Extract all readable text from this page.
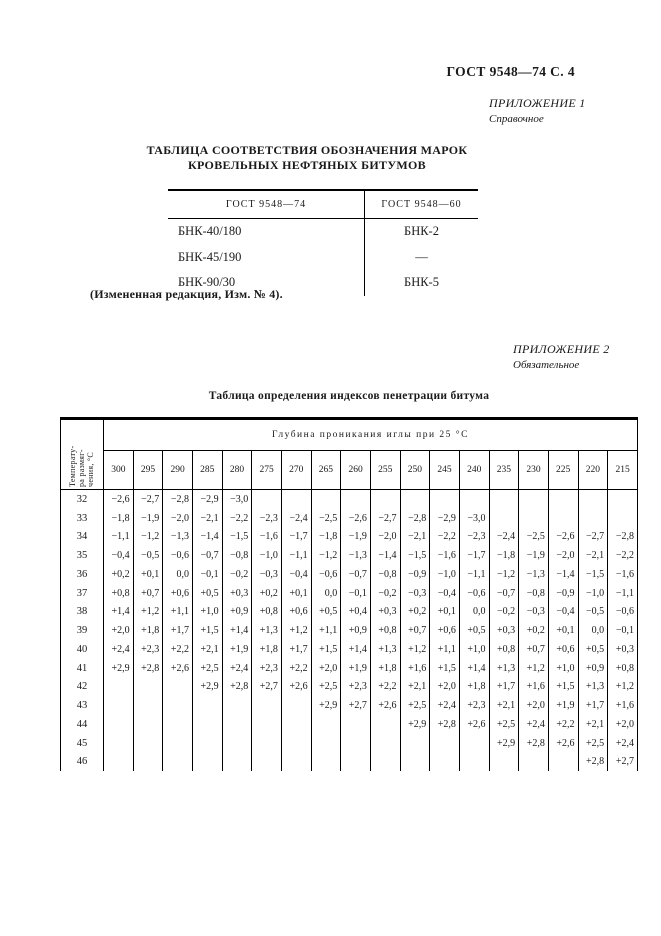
ГОСТ 9548—74 С. 4
ПРИЛОЖЕНИЕ 1
Справочное
ТАБЛИЦА СООТВЕТСТВИЯ ОБОЗНАЧЕНИЯ МАРОК
КРОВЕЛЬНЫХ НЕФТЯНЫХ БИТУМОВ
ГОСТ 9548—74	ГОСТ 9548—60
БНК-40/180	БНК-2
БНК-45/190	—
БНК-90/30	БНК-5
(Измененная редакция, Изм. № 4).
ПРИЛОЖЕНИЕ 2
Обязательное
Таблица определения индексов пенетрации битума
Температу- ра размяг- чения, °С	Глубина проникания иглы при 25 °С																	
	300	295	290	285	280	275	270	265	260	255	250	245	240	235	230	225	220	215
32	−2,6	−2,7	−2,8	−2,9	−3,0													
33	−1,8	−1,9	−2,0	−2,1	−2,2	−2,3	−2,4	−2,5	−2,6	−2,7	−2,8	−2,9	−3,0					
34	−1,1	−1,2	−1,3	−1,4	−1,5	−1,6	−1,7	−1,8	−1,9	−2,0	−2,1	−2,2	−2,3	−2,4	−2,5	−2,6	−2,7	−2,8
35	−0,4	−0,5	−0,6	−0,7	−0,8	−1,0	−1,1	−1,2	−1,3	−1,4	−1,5	−1,6	−1,7	−1,8	−1,9	−2,0	−2,1	−2,2
36	+0,2	+0,1	0,0	−0,1	−0,2	−0,3	−0,4	−0,6	−0,7	−0,8	−0,9	−1,0	−1,1	−1,2	−1,3	−1,4	−1,5	−1,6
37	+0,8	+0,7	+0,6	+0,5	+0,3	+0,2	+0,1	0,0	−0,1	−0,2	−0,3	−0,4	−0,6	−0,7	−0,8	−0,9	−1,0	−1,1
38	+1,4	+1,2	+1,1	+1,0	+0,9	+0,8	+0,6	+0,5	+0,4	+0,3	+0,2	+0,1	0,0	−0,2	−0,3	−0,4	−0,5	−0,6
39	+2,0	+1,8	+1,7	+1,5	+1,4	+1,3	+1,2	+1,1	+0,9	+0,8	+0,7	+0,6	+0,5	+0,3	+0,2	+0,1	0,0	−0,1
40	+2,4	+2,3	+2,2	+2,1	+1,9	+1,8	+1,7	+1,5	+1,4	+1,3	+1,2	+1,1	+1,0	+0,8	+0,7	+0,6	+0,5	+0,3
41	+2,9	+2,8	+2,6	+2,5	+2,4	+2,3	+2,2	+2,0	+1,9	+1,8	+1,6	+1,5	+1,4	+1,3	+1,2	+1,0	+0,9	+0,8
42				+2,9	+2,8	+2,7	+2,6	+2,5	+2,3	+2,2	+2,1	+2,0	+1,8	+1,7	+1,6	+1,5	+1,3	+1,2
43								+2,9	+2,7	+2,6	+2,5	+2,4	+2,3	+2,1	+2,0	+1,9	+1,7	+1,6
44											+2,9	+2,8	+2,6	+2,5	+2,4	+2,2	+2,1	+2,0
45														+2,9	+2,8	+2,6	+2,5	+2,4
46																	+2,8	+2,7
